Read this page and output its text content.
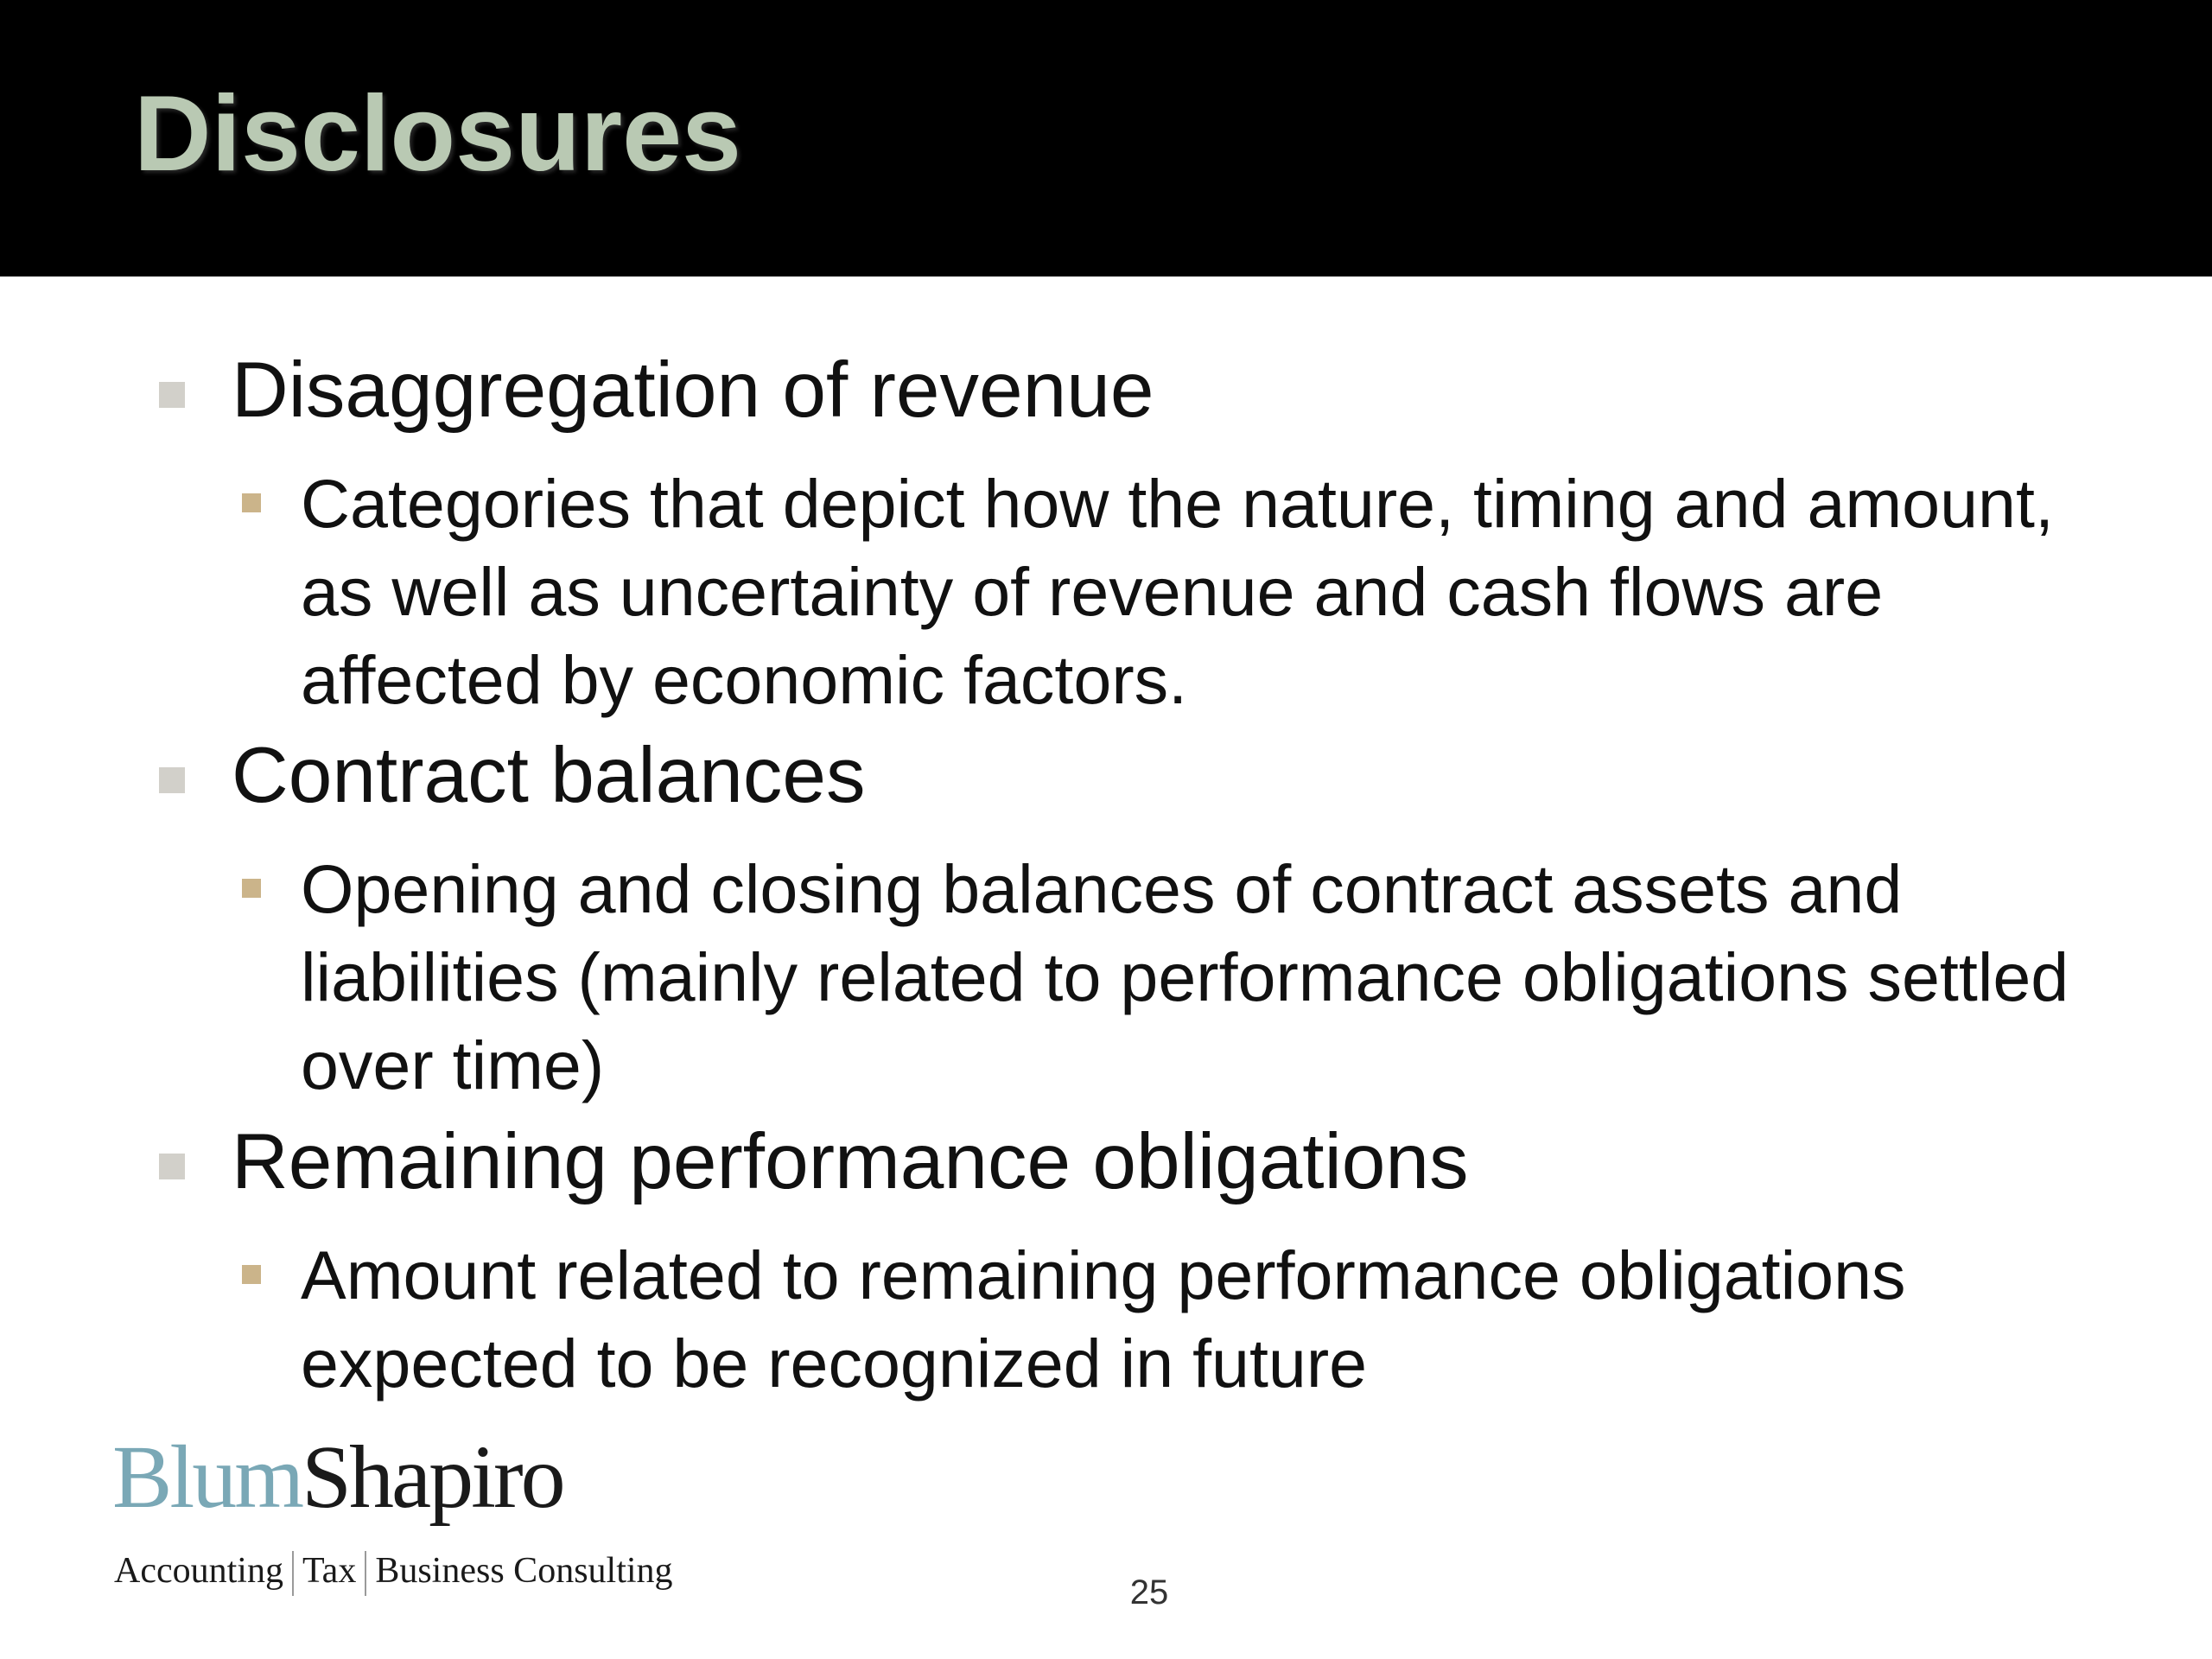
Disclosures

Disaggregation of revenue

Categories that depict how the nature, timing and amount, as well as uncertainty of revenue and cash flows are affected by economic factors.

Contract balances

Opening and closing balances of contract assets and liabilities (mainly related to performance obligations settled over time)

Remaining performance obligations

Amount related to remaining performance obligations expected to be recognized in future

BlumShapiro

Accounting Tax Business Consulting

25
